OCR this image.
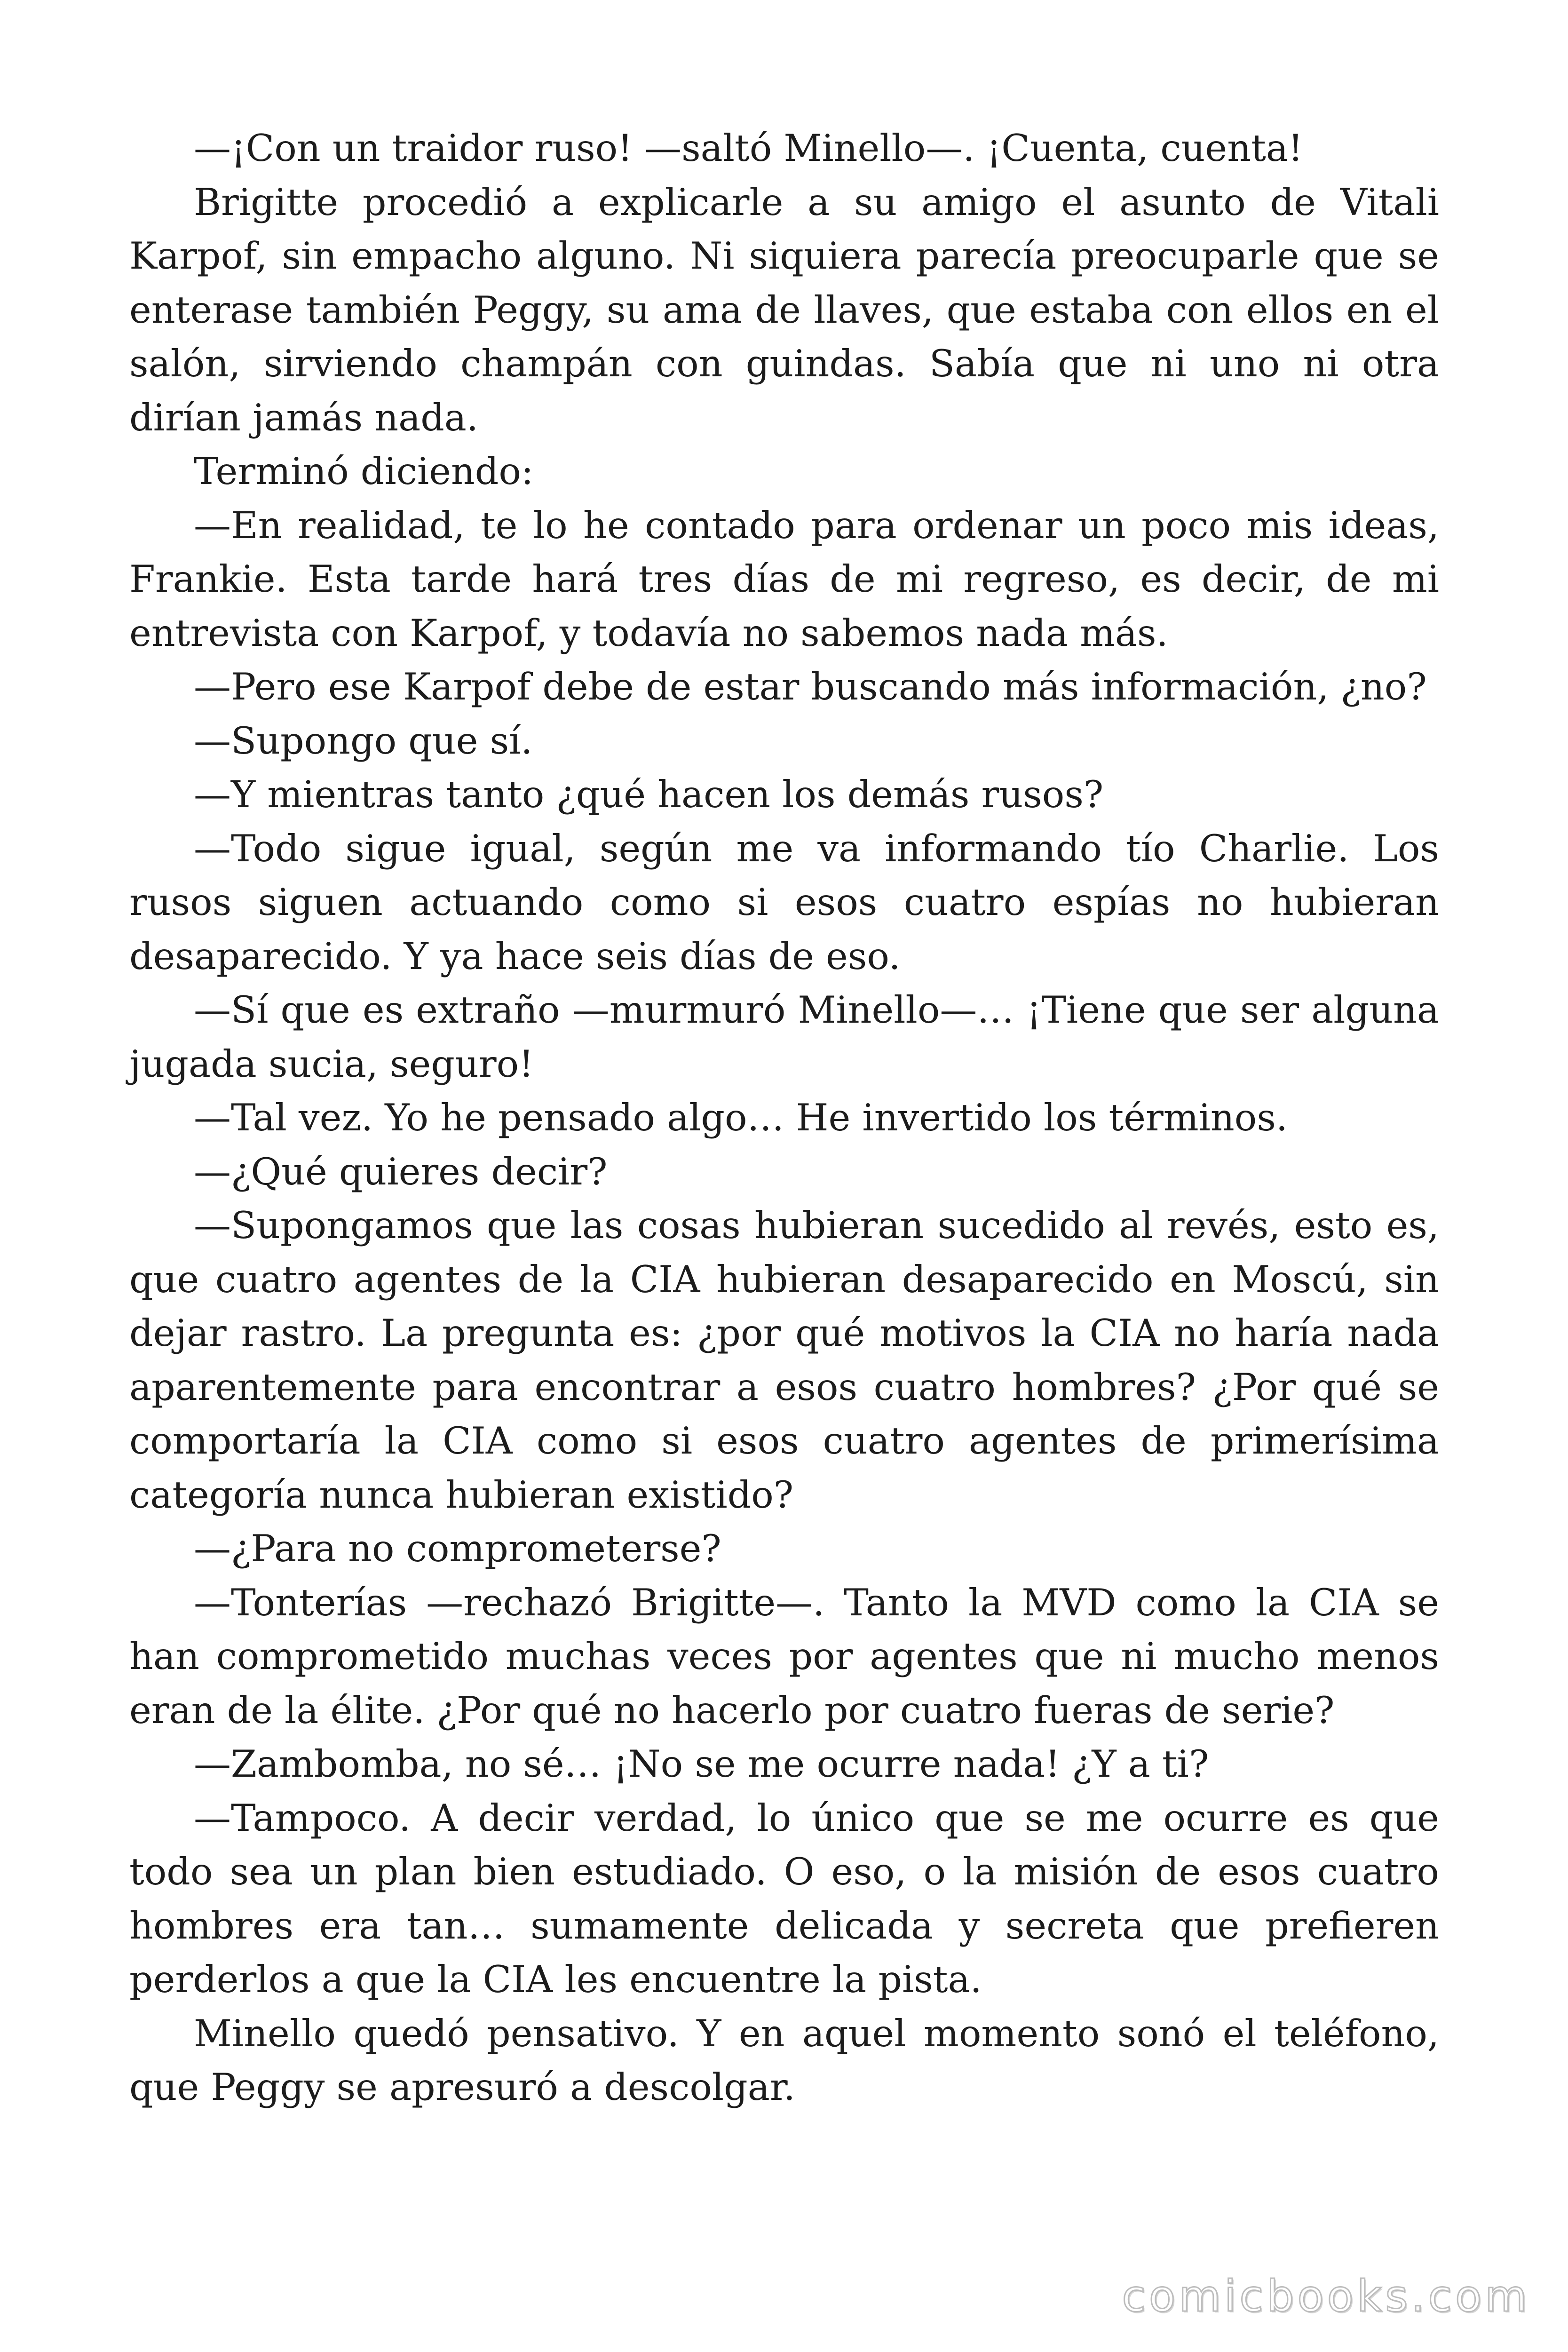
—¡Con un traidor ruso! —saltó Minello—. ¡Cuenta, cuenta!

Brigitte procedió a explicarle a su amigo el asunto de Vitali Karpof, sin empacho alguno. Ni siquiera parecía preocuparle que se enterase también Peggy, su ama de llaves, que estaba con ellos en el salón, sirviendo champán con guindas. Sabía que ni uno ni otra dirían jamás nada.

Terminó diciendo:

—En realidad, te lo he contado para ordenar un poco mis ideas, Frankie. Esta tarde hará tres días de mi regreso, es decir, de mi entrevista con Karpof, y todavía no sabemos nada más.

—Pero ese Karpof debe de estar buscando más información, ¿no?

—Supongo que sí.

—Y mientras tanto ¿qué hacen los demás rusos?

—Todo sigue igual, según me va informando tío Charlie. Los rusos siguen actuando como si esos cuatro espías no hubieran desaparecido. Y ya hace seis días de eso.

—Sí que es extraño —murmuró Minello—… ¡Tiene que ser alguna jugada sucia, seguro!

—Tal vez. Yo he pensado algo… He invertido los términos.

—¿Qué quieres decir?

—Supongamos que las cosas hubieran sucedido al revés, esto es, que cuatro agentes de la CIA hubieran desaparecido en Moscú, sin dejar rastro. La pregunta es: ¿por qué motivos la CIA no haría nada aparentemente para encontrar a esos cuatro hombres? ¿Por qué se comportaría la CIA como si esos cuatro agentes de primerísima categoría nunca hubieran existido?

—¿Para no comprometerse?

—Tonterías —rechazó Brigitte—. Tanto la MVD como la CIA se han comprometido muchas veces por agentes que ni mucho menos eran de la élite. ¿Por qué no hacerlo por cuatro fueras de serie?

—Zambomba, no sé… ¡No se me ocurre nada! ¿Y a ti?

—Tampoco. A decir verdad, lo único que se me ocurre es que todo sea un plan bien estudiado. O eso, o la misión de esos cuatro hombres era tan… sumamente delicada y secreta que prefieren perderlos a que la CIA les encuentre la pista.

Minello quedó pensativo. Y en aquel momento sonó el teléfono, que Peggy se apresuró a descolgar.

comicbooks.com
